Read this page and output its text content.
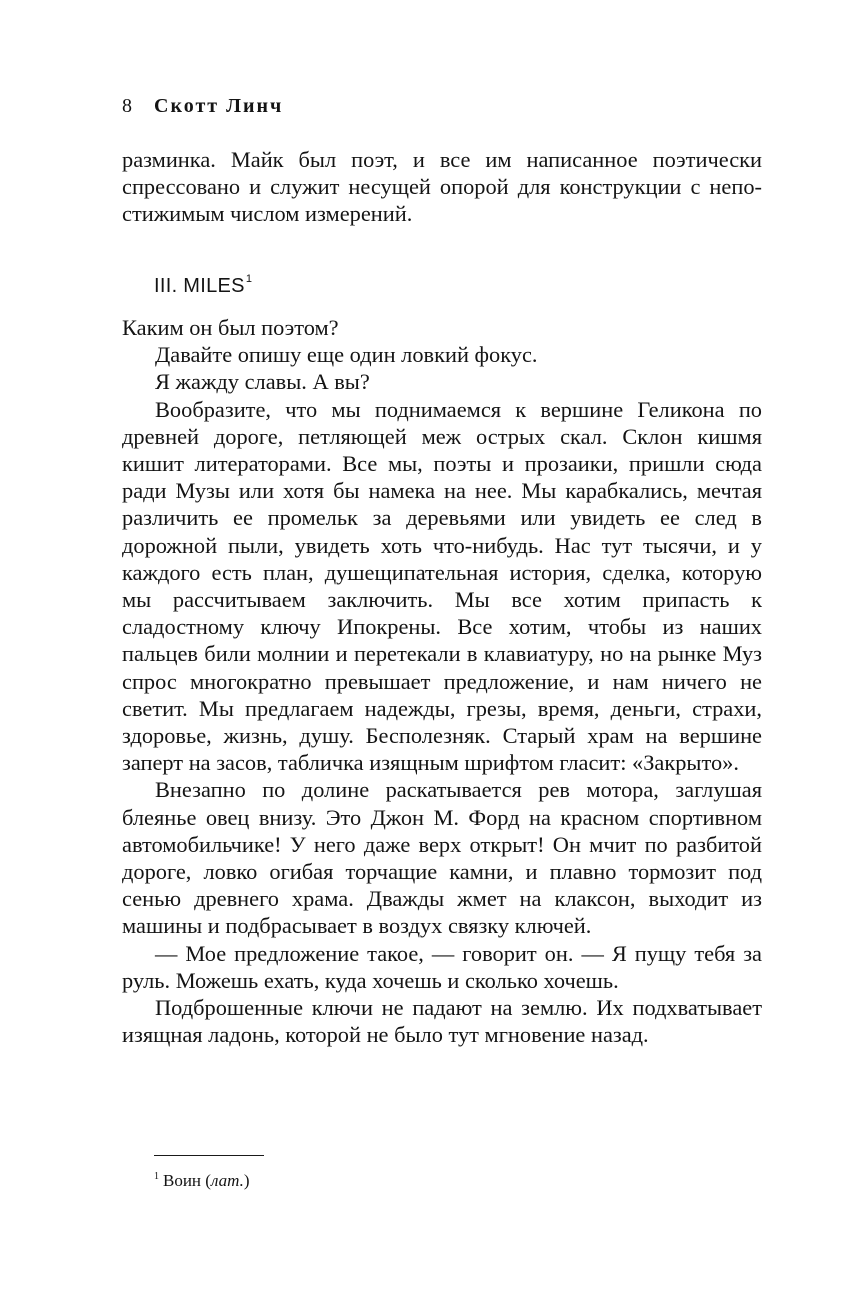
8 Скотт Линч

разминка. Майк был поэт, и все им написанное поэтически спрессовано и служит несущей опорой для конструкции с непостижимым числом измерений.

III. MILES$^1$

Каким он был поэтом?

Давайте опишу еще один ловкий фокус.

Я жажду славы. А вы?

Вообразите, что мы поднимаемся к вершине Геликона по древней дороге, петляющей меж острых скал. Склон кишмя кишит литераторами. Все мы, поэты и прозаики, пришли сюда ради Музы или хотя бы намека на нее. Мы карабкались, мечтая различить ее промельк за деревьями или увидеть ее след в дорожной пыли, увидеть хоть что-нибудь. Нас тут тысячи, и у каждого есть план, душещипательная история, сделка, которую мы рассчитываем заключить. Мы все хотим припасть к сладостному ключу Ипокрены. Все хотим, чтобы из наших пальцев били молнии и перетекали в клавиатуру, но на рынке Муз спрос многократно превышает предложение, и нам ничего не светит. Мы предлагаем надежды, грезы, время, деньги, страхи, здоровье, жизнь, душу. Бесполезняк. Старый храм на вершине заперт на засов, табличка изящным шрифтом гласит: «Закрыто».

Внезапно по долине раскатывается рев мотора, заглушая блеянье овец внизу. Это Джон М. Форд на красном спортивном автомобильчике! У него даже верх открыт! Он мчит по разбитой дороге, ловко огибая торчащие камни, и плавно тормозит под сенью древнего храма. Дважды жмет на клаксон, выходит из машины и подбрасывает в воздух связку ключей.

— Мое предложение такое, — говорит он. — Я пущу тебя за руль. Можешь ехать, куда хочешь и сколько хочешь.

Подброшенные ключи не падают на землю. Их подхватывает изящная ладонь, которой не было тут мгновение назад.

$^1$ Воин (лат.)
